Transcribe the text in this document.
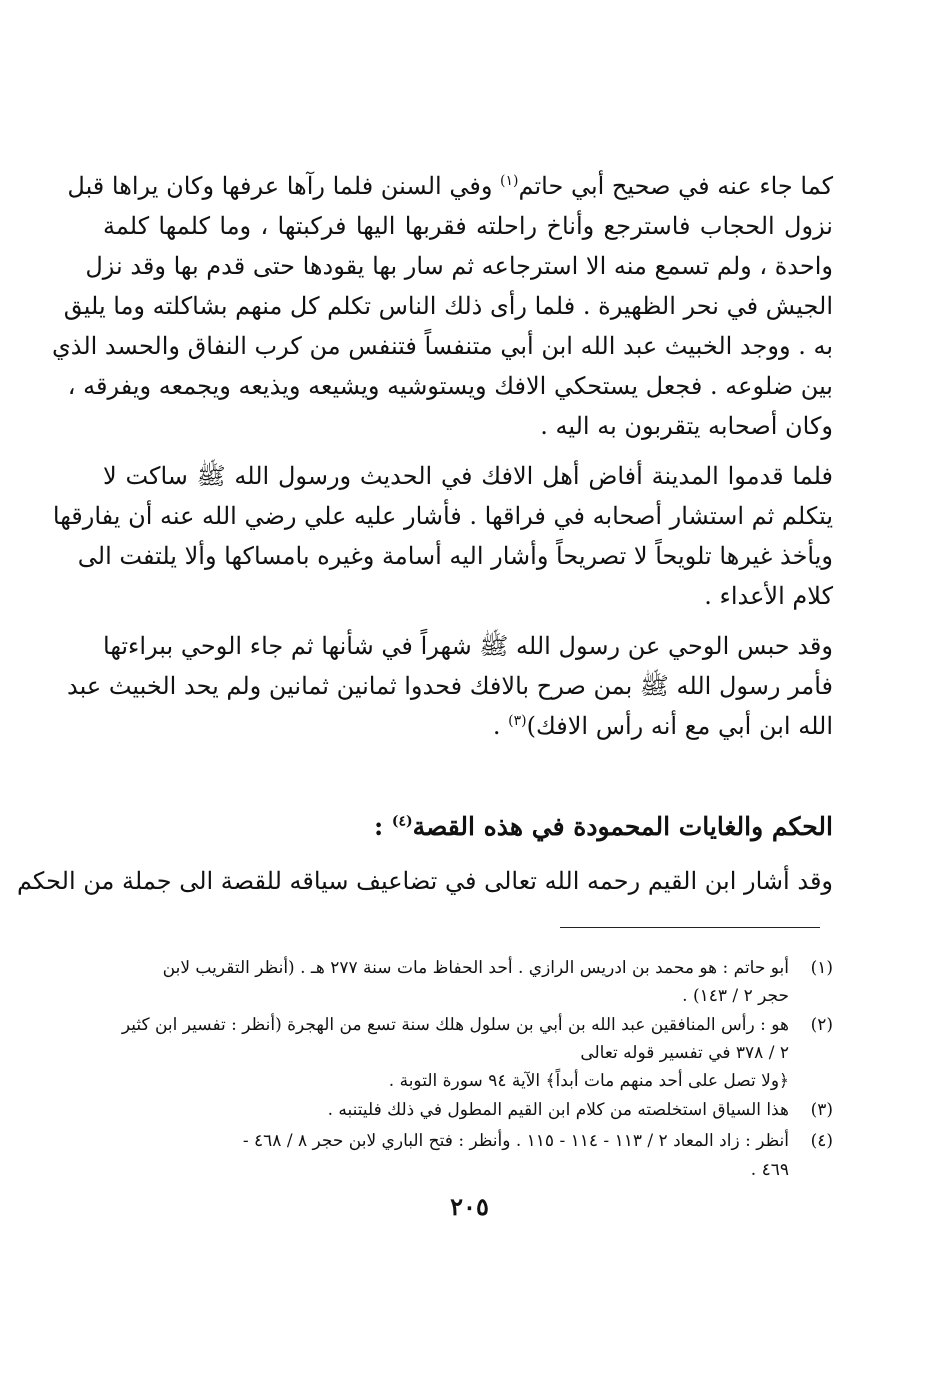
كما جاء عنه في صحيح أبي حاتم$^{(١)}$ وفي السنن فلما رآها عرفها وكان يراها قبل
نزول الحجاب فاسترجع وأناخ راحلته فقربها اليها فركبتها ، وما كلمها كلمة
واحدة ، ولم تسمع منه الا استرجاعه ثم سار بها يقودها حتى قدم بها وقد نزل
الجيش في نحر الظهيرة . فلما رأى ذلك الناس تكلم كل منهم بشاكلته وما يليق
به . ووجد الخبيث عبد الله ابن أبي متنفساً فتنفس من كرب النفاق والحسد الذي
بين ضلوعه . فجعل يستحكي الافك ويستوشيه ويشيعه ويذيعه ويجمعه ويفرقه ،
وكان أصحابه يتقربون به اليه .
فلما قدموا المدينة أفاض أهل الافك في الحديث ورسول الله ﷺ ساكت لا
يتكلم ثم استشار أصحابه في فراقها . فأشار عليه علي رضي الله عنه أن يفارقها
ويأخذ غيرها تلويحاً لا تصريحاً وأشار اليه أسامة وغيره بامساكها وألا يلتفت الى
كلام الأعداء .
وقد حبس الوحي عن رسول الله ﷺ شهراً في شأنها ثم جاء الوحي ببراءتها
فأمر رسول الله ﷺ بمن صرح بالافك فحدوا ثمانين ثمانين ولم يحد الخبيث عبد
الله ابن أبي مع أنه رأس الافك)$^{(٣)}$ .
الحكم والغايات المحمودة في هذه القصة$^{(٤)}$ :
وقد أشار ابن القيم رحمه الله تعالى في تضاعيف سياقه للقصة الى جملة من الحكم
(١)أبو حاتم : هو محمد بن ادريس الرازي . أحد الحفاظ مات سنة ٢٧٧ هـ . (أنظر التقريب لابن
حجر ٢ / ١٤٣) .
(٢)هو : رأس المنافقين عبد الله بن أبي بن سلول هلك سنة تسع من الهجرة (أنظر : تفسير ابن كثير
٢ / ٣٧٨ في تفسير قوله تعالى
﴿ولا تصل على أحد منهم مات أبداً﴾ الآية ٩٤ سورة التوبة .
(٣)هذا السياق استخلصته من كلام ابن القيم المطول في ذلك فليتنبه .
(٤)أنظر : زاد المعاد ٢ / ١١٣ - ١١٤ - ١١٥ . وأنظر : فتح الباري لابن حجر ٨ / ٤٦٨ -
٤٦٩ .
٢٠٥
